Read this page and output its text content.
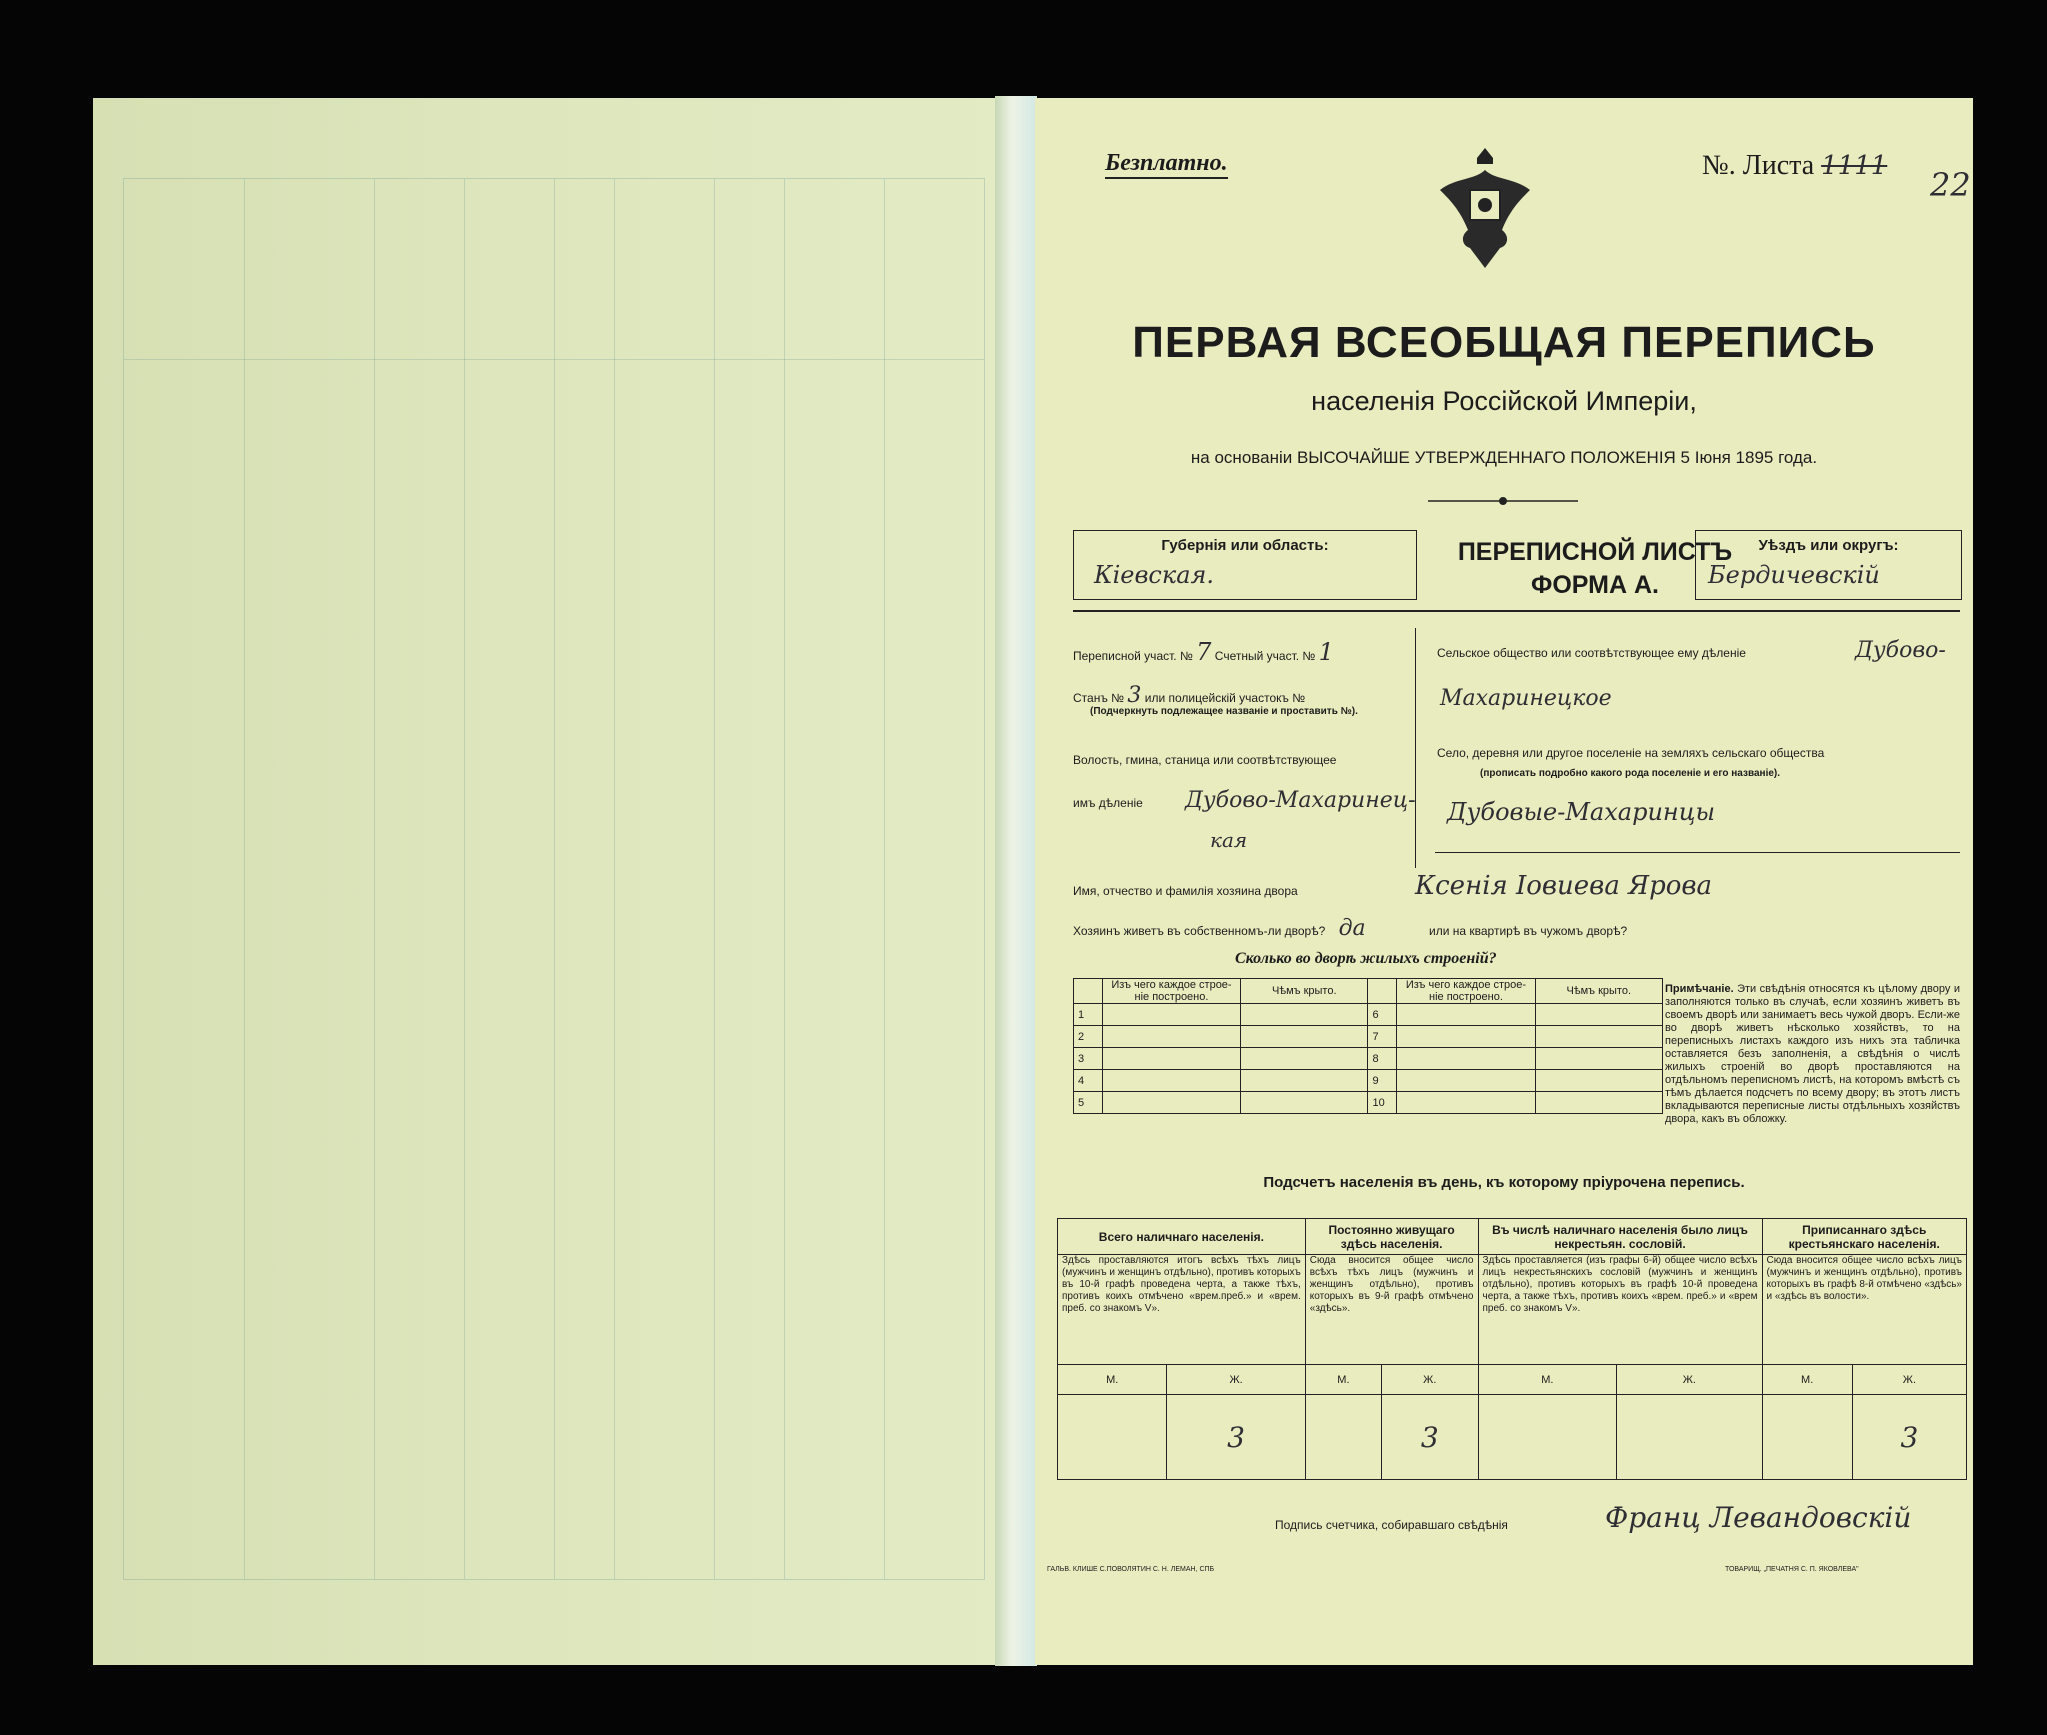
Безплатно.	№. Листа 1111 22
ПЕРВАЯ ВСЕОБЩАЯ ПЕРЕПИСЬ
населенія Россійской Имперіи,
на основаніи ВЫСОЧАЙШЕ УТВЕРЖДЕННАГО ПОЛОЖЕНІЯ 5 Іюня 1895 года.
Губернія или область:
Кіевская.
ПЕРЕПИСНОЙ ЛИСТЪ
ФОРМА А.
Уѣздъ или округъ:
Бердичевскій
Переписной участ. № 7 Счетный участ. № 1
Станъ № 3 или полицейскій участокъ №
(Подчеркнуть подлежащее названіе и проставить №).
Волость, гмина, станица или соотвѣтствующее
имъ дѣленіе Дубово-Махаринец-
кая
Сельское общество или соотвѣтствующее ему дѣленіе	Дубово-
Махаринецкое
Село, деревня или другое поселеніе на земляхъ сельскаго общества
(прописать подробно какого рода поселеніе и его названіе).
Дубовые-Махаринцы
Имя, отчество и фамилія хозяина двора	Ксенія Іовиева Ярова
Хозяинъ живетъ въ собственномъ-ли дворѣ? да	или на квартирѣ въ чужомъ дворѣ?
Сколько во дворѣ жилыхъ строеній?
	Изъ чего каждое строе-ніе построено.	Чѣмъ крыто.		Изъ чего каждое строе-ніе построено.	Чѣмъ крыто.
1			6		
2			7		
3			8		
4			9		
5			10		
Примѣчаніе. Эти свѣдѣнія относятся къ цѣлому двору и заполняются только въ случаѣ, если хозяинъ живетъ въ своемъ дворѣ или занимаетъ весь чужой дворъ. Если-же во дворѣ живетъ нѣсколько хозяйствъ, то на переписныхъ листахъ каждого изъ нихъ эта табличка оставляется безъ заполненія, а свѣдѣнія о числѣ жилыхъ строеній во дворѣ проставляются на отдѣльномъ переписномъ листѣ, на которомъ вмѣстѣ съ тѣмъ дѣлается подсчетъ по всему двору; въ этотъ листъ вкладываются переписные листы отдѣльныхъ хозяйствъ двора, какъ въ обложку.
Подсчетъ населенія въ день, къ которому пріурочена перепись.
Всего наличнаго населенія.		Постоянно живущаго здѣсь населенія.		Въ числѣ наличнаго населенія было лицъ некрестьян. сословій.		Приписаннаго здѣсь крестьянскаго населенія.	
Здѣсь проставляются итогъ всѣхъ тѣхъ лицъ (мужчинъ и женщинъ отдѣльно), противъ которыхъ въ 10-й графѣ проведена черта, а также тѣхъ, противъ коихъ отмѣчено «врем.преб.» и «врем. преб. со знакомъ V».		Сюда вносится общее число всѣхъ тѣхъ лицъ (мужчинъ и женщинъ отдѣльно), противъ которыхъ въ 9-й графѣ отмѣчено «здѣсь».		Здѣсь проставляется (изъ графы 6-й) общее число всѣхъ лицъ некрестьянскихъ сословій (мужчинъ и женщинъ отдѣльно), противъ которыхъ въ графѣ 10-й проведена черта, а также тѣхъ, противъ коихъ «врем. преб.» и «врем преб. со знакомъ V».		Сюда вносится общее число всѣхъ лицъ (мужчинъ и женщинъ отдѣльно), противъ которыхъ въ графѣ 8-й отмѣчено «здѣсь» и «здѣсь въ волости».	
М.	Ж.	М.	Ж.	М.	Ж.	М.	Ж.
	3		3				3
Подпись счетчика, собиравшаго свѣдѣнія	Франц Левандовскій
ГАЛЬВ. КЛИШЕ С.ПОВОЛЯТИН С. Н. ЛЕМАН, СПБ	ТОВАРИЩ. „ПЕЧАТНЯ С. П. ЯКОВЛЕВА"
